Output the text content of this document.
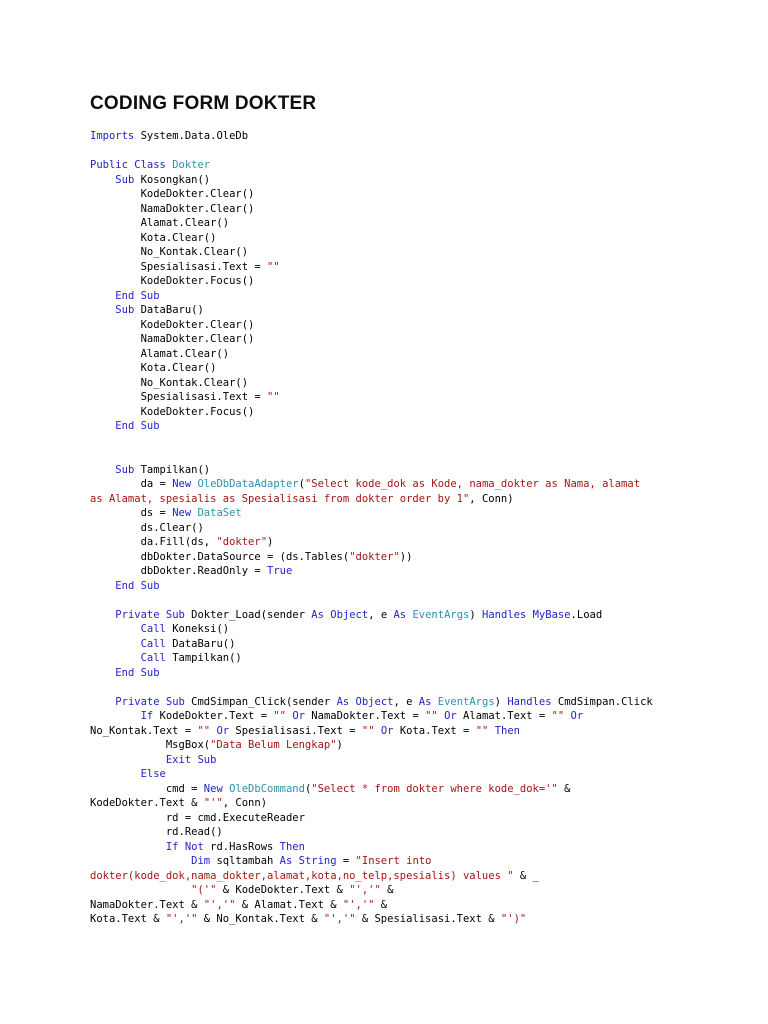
CODING FORM DOKTER
Imports System.Data.OleDb
Public Class Dokter
Sub Kosongkan()
KodeDokter.Clear()
NamaDokter.Clear()
Alamat.Clear()
Kota.Clear()
No_Kontak.Clear()
Spesialisasi.Text = ""
KodeDokter.Focus()
End Sub
Sub DataBaru()
KodeDokter.Clear()
NamaDokter.Clear()
Alamat.Clear()
Kota.Clear()
No_Kontak.Clear()
Spesialisasi.Text = ""
KodeDokter.Focus()
End Sub
Sub Tampilkan()
da = New OleDbDataAdapter("Select kode_dok as Kode, nama_dokter as Nama, alamat
as Alamat, spesialis as Spesialisasi from dokter order by 1", Conn)
ds = New DataSet
ds.Clear()
da.Fill(ds, "dokter")
dbDokter.DataSource = (ds.Tables("dokter"))
dbDokter.ReadOnly = True
End Sub
Private Sub Dokter_Load(sender As Object, e As EventArgs) Handles MyBase.Load
Call Koneksi()
Call DataBaru()
Call Tampilkan()
End Sub
Private Sub CmdSimpan_Click(sender As Object, e As EventArgs) Handles CmdSimpan.Click
If KodeDokter.Text = "" Or NamaDokter.Text = "" Or Alamat.Text = "" Or
No_Kontak.Text = "" Or Spesialisasi.Text = "" Or Kota.Text = "" Then
MsgBox("Data Belum Lengkap")
Exit Sub
Else
cmd = New OleDbCommand("Select * from dokter where kode_dok='" &
KodeDokter.Text & "'", Conn)
rd = cmd.ExecuteReader
rd.Read()
If Not rd.HasRows Then
Dim sqltambah As String = "Insert into
dokter(kode_dok,nama_dokter,alamat,kota,no_telp,spesialis) values " & _
"('" & KodeDokter.Text & "','" &
NamaDokter.Text & "','" & Alamat.Text & "','" &
Kota.Text & "','" & No_Kontak.Text & "','" & Spesialisasi.Text & "')"
